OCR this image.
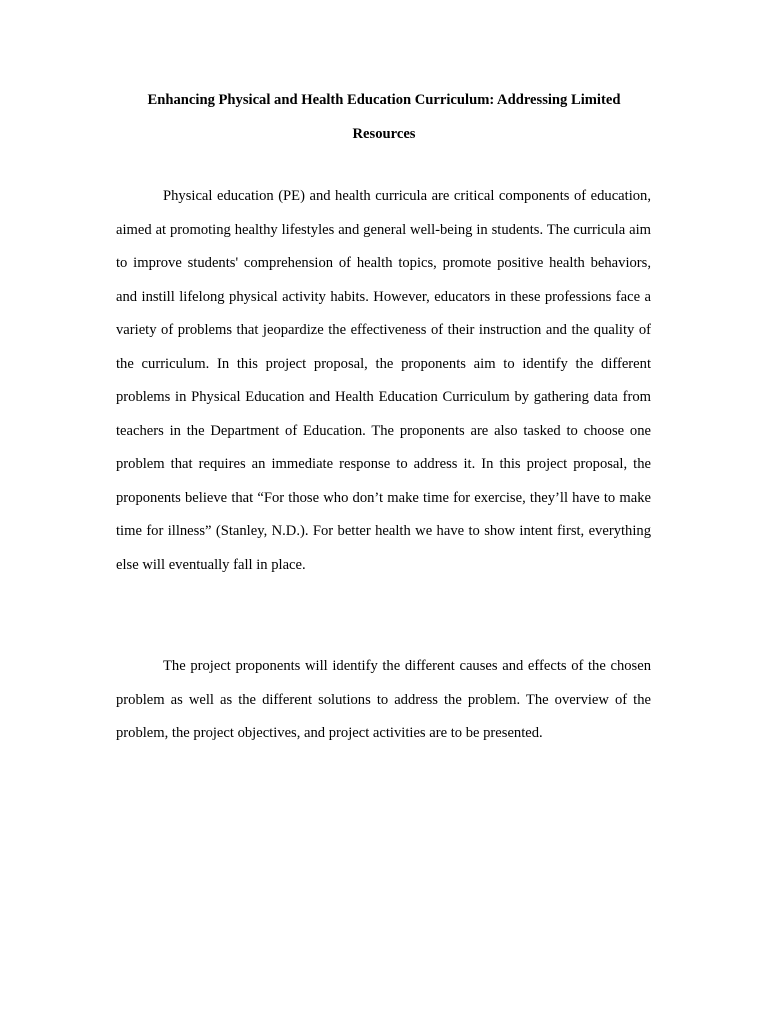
Enhancing Physical and Health Education Curriculum: Addressing Limited Resources

Physical education (PE) and health curricula are critical components of education, aimed at promoting healthy lifestyles and general well-being in students. The curricula aim to improve students' comprehension of health topics, promote positive health behaviors, and instill lifelong physical activity habits. However, educators in these professions face a variety of problems that jeopardize the effectiveness of their instruction and the quality of the curriculum. In this project proposal, the proponents aim to identify the different problems in Physical Education and Health Education Curriculum by gathering data from teachers in the Department of Education. The proponents are also tasked to choose one problem that requires an immediate response to address it. In this project proposal, the proponents believe that “For those who don’t make time for exercise, they’ll have to make time for illness” (Stanley, N.D.). For better health we have to show intent first, everything else will eventually fall in place.

The project proponents will identify the different causes and effects of the chosen problem as well as the different solutions to address the problem. The overview of the problem, the project objectives, and project activities are to be presented.
